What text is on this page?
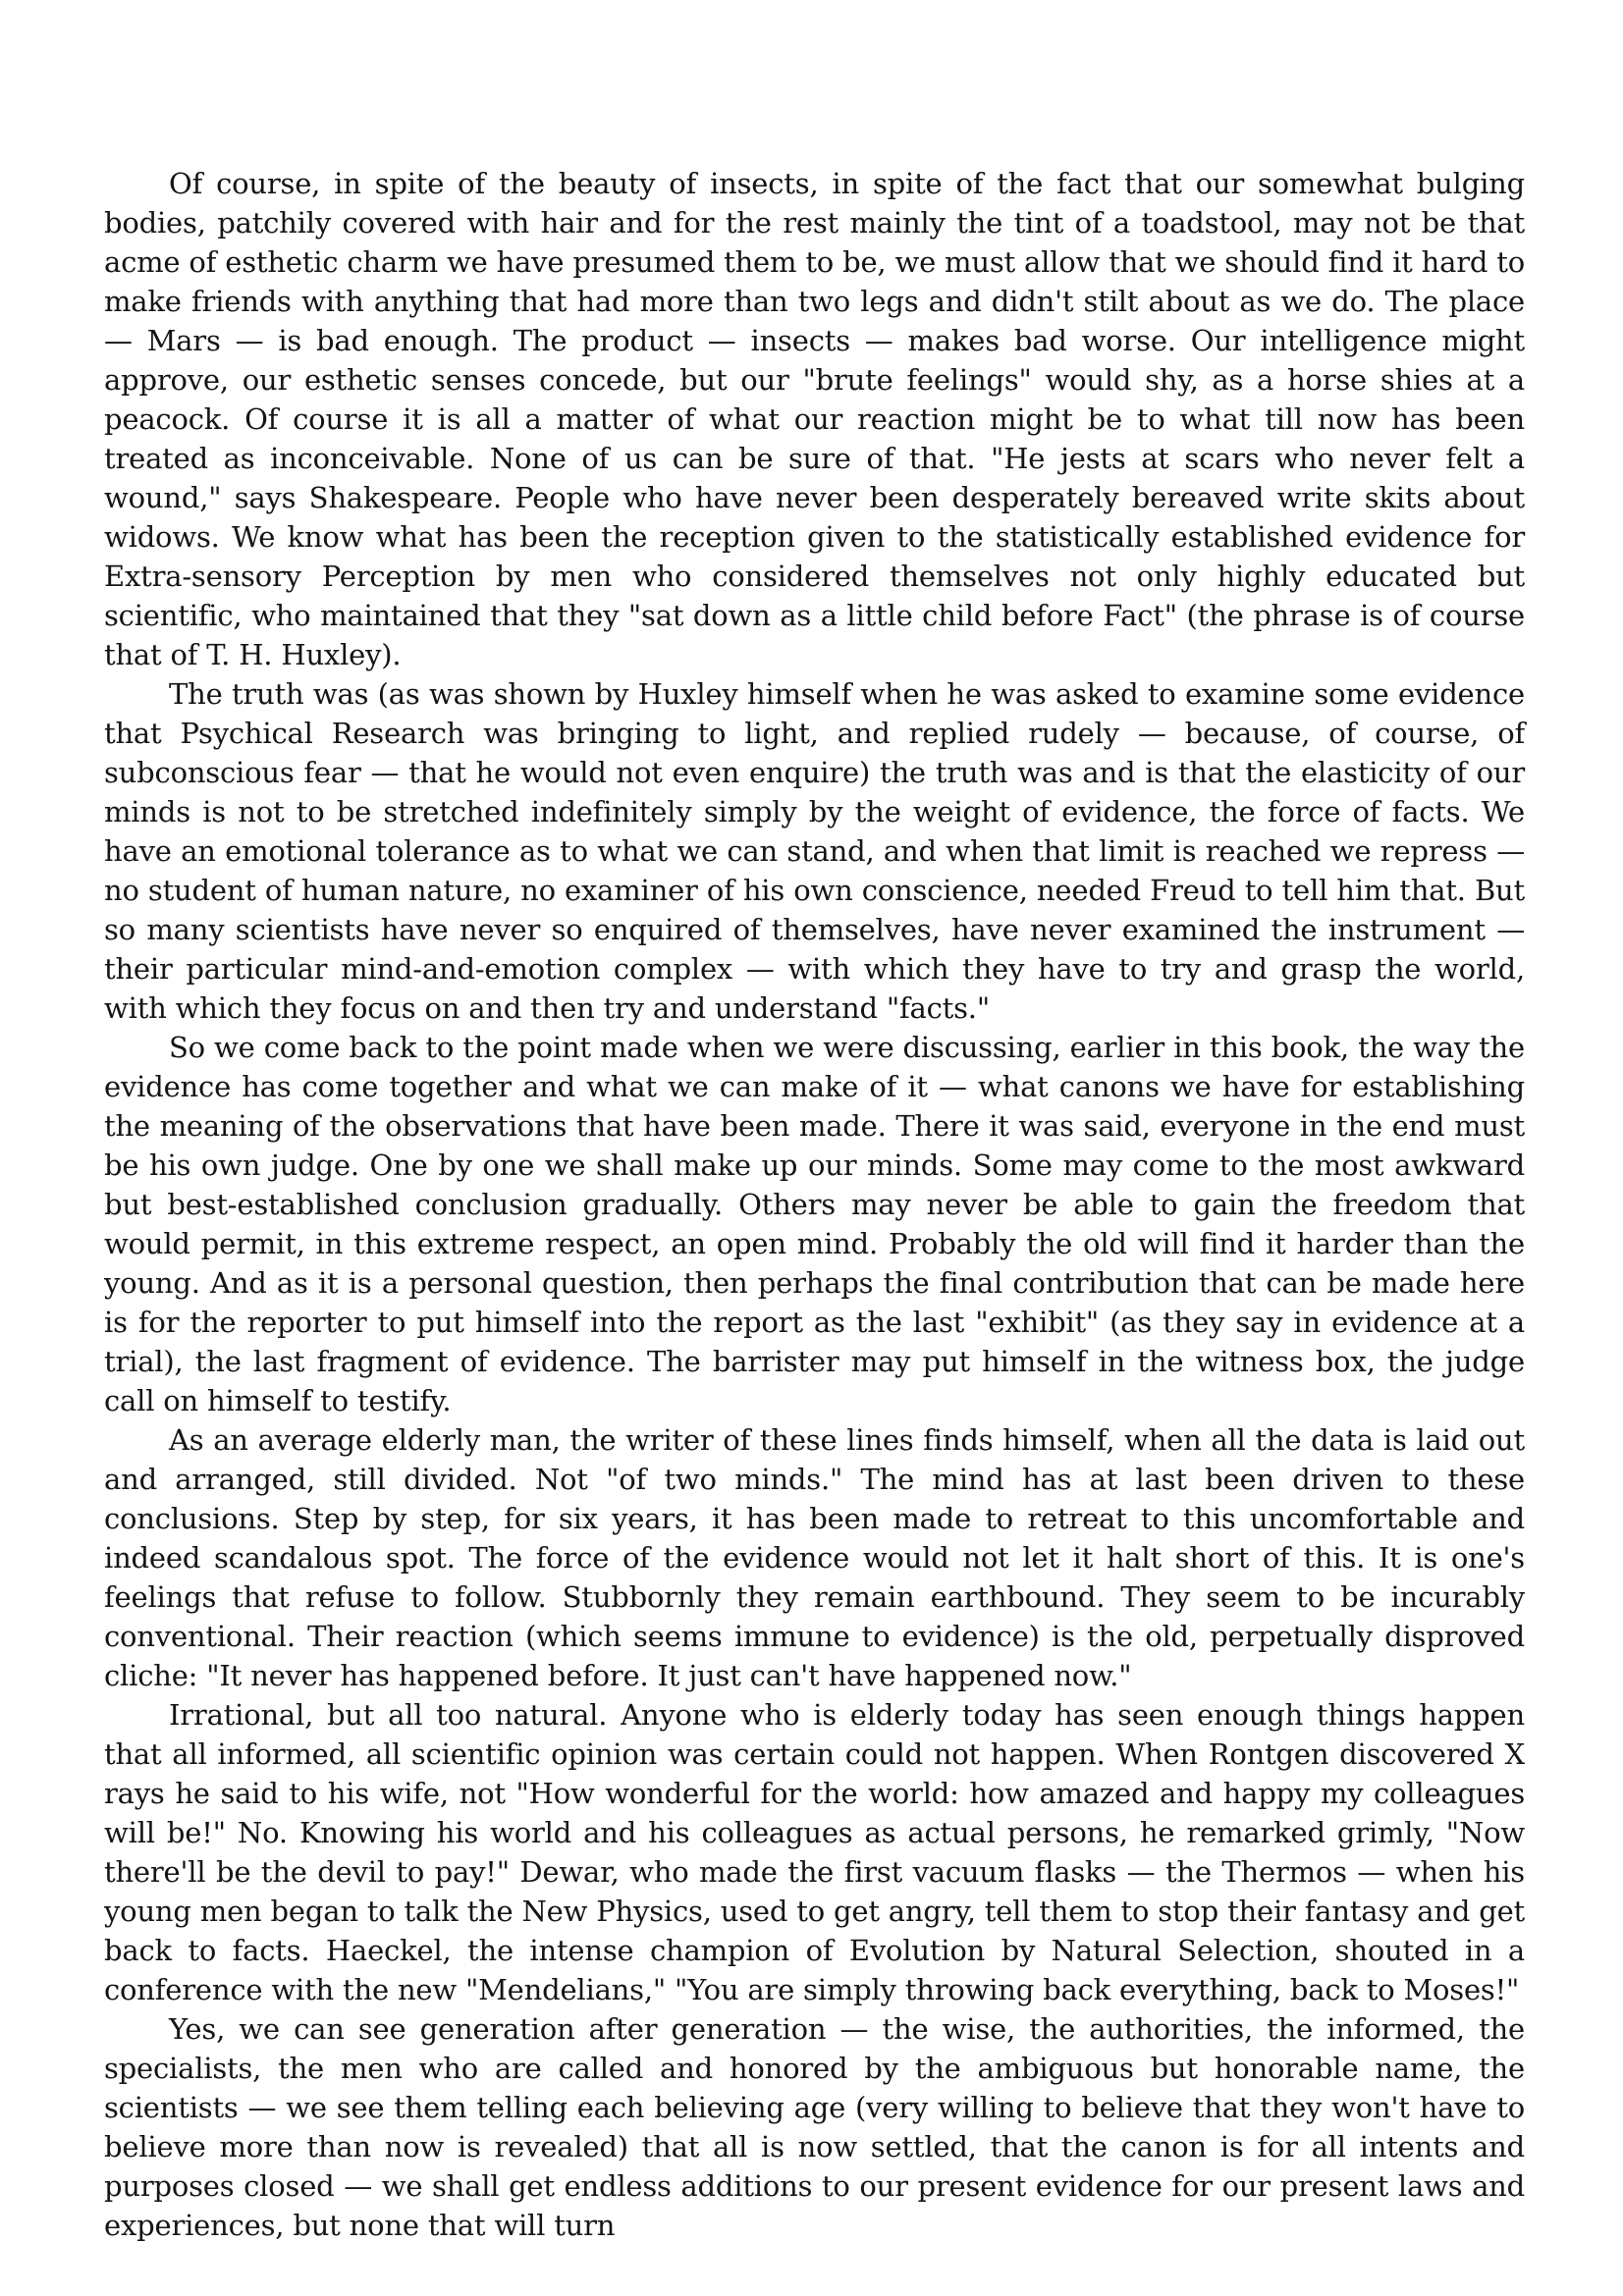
Of course, in spite of the beauty of insects, in spite of the fact that our somewhat bulging bodies, patchily covered with hair and for the rest mainly the tint of a toadstool, may not be that acme of esthetic charm we have presumed them to be, we must allow that we should find it hard to make friends with anything that had more than two legs and didn't stilt about as we do. The place — Mars — is bad enough. The product — insects — makes bad worse. Our intelligence might approve, our esthetic senses concede, but our "brute feelings" would shy, as a horse shies at a peacock. Of course it is all a matter of what our reaction might be to what till now has been treated as inconceivable. None of us can be sure of that. "He jests at scars who never felt a wound," says Shakespeare. People who have never been desperately bereaved write skits about widows. We know what has been the reception given to the statistically established evidence for Extra-sensory Perception by men who considered themselves not only highly educated but scientific, who maintained that they "sat down as a little child before Fact" (the phrase is of course that of T. H. Huxley).

The truth was (as was shown by Huxley himself when he was asked to examine some evidence that Psychical Research was bringing to light, and replied rudely — because, of course, of subconscious fear — that he would not even enquire) the truth was and is that the elasticity of our minds is not to be stretched indefinitely simply by the weight of evidence, the force of facts. We have an emotional tolerance as to what we can stand, and when that limit is reached we repress — no student of human nature, no examiner of his own conscience, needed Freud to tell him that. But so many scientists have never so enquired of themselves, have never examined the instrument — their particular mind-and-emotion complex — with which they have to try and grasp the world, with which they focus on and then try and understand "facts."

So we come back to the point made when we were discussing, earlier in this book, the way the evidence has come together and what we can make of it — what canons we have for establishing the meaning of the observations that have been made. There it was said, everyone in the end must be his own judge. One by one we shall make up our minds. Some may come to the most awkward but best-established conclusion gradually. Others may never be able to gain the freedom that would permit, in this extreme respect, an open mind. Probably the old will find it harder than the young. And as it is a personal question, then perhaps the final contribution that can be made here is for the reporter to put himself into the report as the last "exhibit" (as they say in evidence at a trial), the last fragment of evidence. The barrister may put himself in the witness box, the judge call on himself to testify.

As an average elderly man, the writer of these lines finds himself, when all the data is laid out and arranged, still divided. Not "of two minds." The mind has at last been driven to these conclusions. Step by step, for six years, it has been made to retreat to this uncomfortable and indeed scandalous spot. The force of the evidence would not let it halt short of this. It is one's feelings that refuse to follow. Stubbornly they remain earthbound. They seem to be incurably conventional. Their reaction (which seems immune to evidence) is the old, perpetually disproved cliche: "It never has happened before. It just can't have happened now."

Irrational, but all too natural. Anyone who is elderly today has seen enough things happen that all informed, all scientific opinion was certain could not happen. When Rontgen discovered X rays he said to his wife, not "How wonderful for the world: how amazed and happy my colleagues will be!" No. Knowing his world and his colleagues as actual persons, he remarked grimly, "Now there'll be the devil to pay!" Dewar, who made the first vacuum flasks — the Thermos — when his young men began to talk the New Physics, used to get angry, tell them to stop their fantasy and get back to facts. Haeckel, the intense champion of Evolution by Natural Selection, shouted in a conference with the new "Mendelians," "You are simply throwing back everything, back to Moses!"

Yes, we can see generation after generation — the wise, the authorities, the informed, the specialists, the men who are called and honored by the ambiguous but honorable name, the scientists — we see them telling each believing age (very willing to believe that they won't have to believe more than now is revealed) that all is now settled, that the canon is for all intents and purposes closed — we shall get endless additions to our present evidence for our present laws and experiences, but none that will turn
